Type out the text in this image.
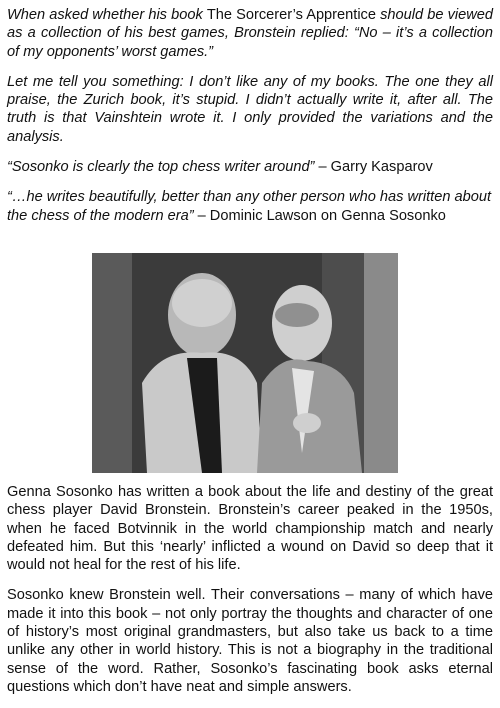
When asked whether his book The Sorcerer’s Apprentice should be viewed as a collection of his best games, Bronstein replied: “No – it’s a collection of my opponents’ worst games.”

Let me tell you something: I don’t like any of my books. The one they all praise, the Zurich book, it’s stupid. I didn’t actually write it, after all. The truth is that Vainshtein wrote it. I only provided the variations and the analysis.

“Sosonko is clearly the top chess writer around” – Garry Kasparov

“…he writes beautifully, better than any other person who has written about the chess of the modern era” – Dominic Lawson on Genna Sosonko

Genna Sosonko has written a book about the life and destiny of the great chess player David Bronstein. Bronstein’s career peaked in the 1950s, when he faced Botvinnik in the world championship match and nearly defeated him. But this ‘nearly’ inflicted a wound on David so deep that it would not heal for the rest of his life.

Sosonko knew Bronstein well. Their conversations – many of which have made it into this book – not only portray the thoughts and character of one of history’s most original grandmasters, but also take us back to a time unlike any other in world history. This is not a biography in the traditional sense of the word. Rather, Sosonko’s fascinating book asks eternal questions which don’t have neat and simple answers.
